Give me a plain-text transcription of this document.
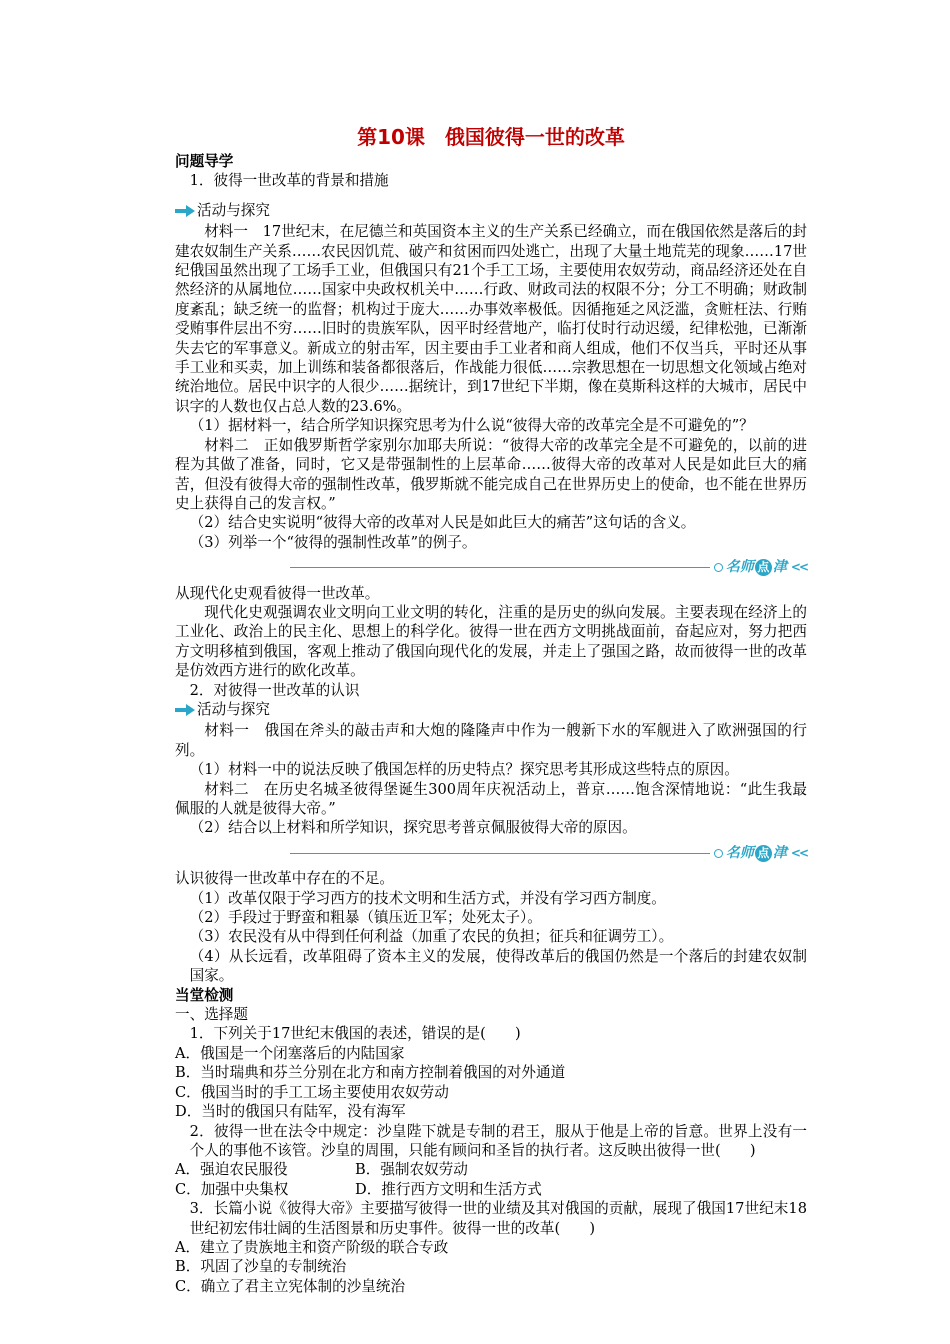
第10课　俄国彼得一世的改革

问题导学

1．彼得一世改革的背景和措施

活动与探究

材料一　17世纪末，在尼德兰和英国资本主义的生产关系已经确立，而在俄国依然是落后的封建农奴制生产关系……农民因饥荒、破产和贫困而四处逃亡，出现了大量土地荒芜的现象……17世纪俄国虽然出现了工场手工业，但俄国只有21个手工工场，主要使用农奴劳动，商品经济还处在自然经济的从属地位……国家中央政权机关中……行政、财政司法的权限不分；分工不明确；财政制度紊乱；缺乏统一的监督；机构过于庞大……办事效率极低。因循拖延之风泛滥，贪赃枉法、行贿受贿事件层出不穷……旧时的贵族军队，因平时经营地产，临打仗时行动迟缓，纪律松弛，已渐渐失去它的军事意义。新成立的射击军，因主要由手工业者和商人组成，他们不仅当兵，平时还从事手工业和买卖，加上训练和装备都很落后，作战能力很低……宗教思想在一切思想文化领域占绝对统治地位。居民中识字的人很少……据统计，到17世纪下半期，像在莫斯科这样的大城市，居民中识字的人数也仅占总人数的23.6%。

（1）据材料一，结合所学知识探究思考为什么说“彼得大帝的改革完全是不可避免的”？

材料二　正如俄罗斯哲学家别尔加耶夫所说：“彼得大帝的改革完全是不可避免的，以前的进程为其做了准备，同时，它又是带强制性的上层革命……彼得大帝的改革对人民是如此巨大的痛苦，但没有彼得大帝的强制性改革，俄罗斯就不能完成自己在世界历史上的使命，也不能在世界历史上获得自己的发言权。”

（2）结合史实说明“彼得大帝的改革对人民是如此巨大的痛苦”这句话的含义。

（3）列举一个“彼得的强制性改革”的例子。

名师 点 津 <<

从现代化史观看彼得一世改革。

现代化史观强调农业文明向工业文明的转化，注重的是历史的纵向发展。主要表现在经济上的工业化、政治上的民主化、思想上的科学化。彼得一世在西方文明挑战面前，奋起应对，努力把西方文明移植到俄国，客观上推动了俄国向现代化的发展，并走上了强国之路，故而彼得一世的改革是仿效西方进行的欧化改革。

2．对彼得一世改革的认识

活动与探究

材料一　俄国在斧头的敲击声和大炮的隆隆声中作为一艘新下水的军舰进入了欧洲强国的行列。

（1）材料一中的说法反映了俄国怎样的历史特点？探究思考其形成这些特点的原因。

材料二　在历史名城圣彼得堡诞生300周年庆祝活动上，普京……饱含深情地说：“此生我最佩服的人就是彼得大帝。”

（2）结合以上材料和所学知识，探究思考普京佩服彼得大帝的原因。

名师 点 津 <<

认识彼得一世改革中存在的不足。

（1）改革仅限于学习西方的技术文明和生活方式，并没有学习西方制度。

（2）手段过于野蛮和粗暴（镇压近卫军；处死太子）。

（3）农民没有从中得到任何利益（加重了农民的负担；征兵和征调劳工）。

（4）从长远看，改革阻碍了资本主义的发展，使得改革后的俄国仍然是一个落后的封建农奴制国家。

当堂检测

一、选择题

1．下列关于17世纪末俄国的表述，错误的是(　　)

A．俄国是一个闭塞落后的内陆国家

B．当时瑞典和芬兰分别在北方和南方控制着俄国的对外通道

C．俄国当时的手工工场主要使用农奴劳动

D．当时的俄国只有陆军，没有海军

2．彼得一世在法令中规定：沙皇陛下就是专制的君王，服从于他是上帝的旨意。世界上没有一个人的事他不该管。沙皇的周围，只能有顾问和圣旨的执行者。这反映出彼得一世(　　)

A．强迫农民服役	B．强制农奴劳动
C．加强中央集权	D．推行西方文明和生活方式

3．长篇小说《彼得大帝》主要描写彼得一世的业绩及其对俄国的贡献，展现了俄国17世纪末18世纪初宏伟壮阔的生活图景和历史事件。彼得一世的改革(　　)

A．建立了贵族地主和资产阶级的联合专政

B．巩固了沙皇的专制统治

C．确立了君主立宪体制的沙皇统治
